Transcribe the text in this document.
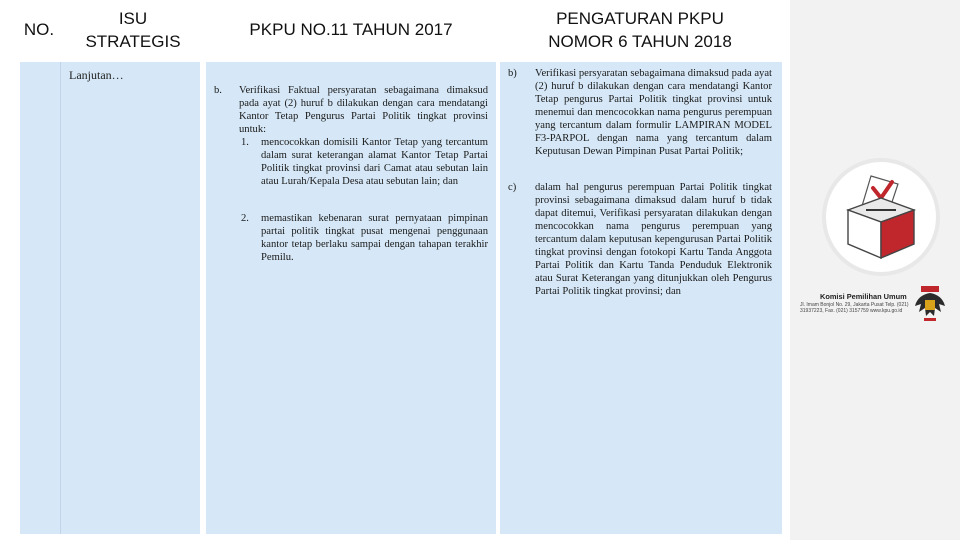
NO.
ISU
STRATEGIS
PKPU NO.11 TAHUN 2017
PENGATURAN PKPU
NOMOR 6 TAHUN 2018
Lanjutan…
b. Verifikasi Faktual persyaratan sebagaimana dimaksud pada ayat (2) huruf b dilakukan dengan cara mendatangi Kantor Tetap Pengurus Partai Politik tingkat provinsi untuk:
1. mencocokkan domisili Kantor Tetap yang tercantum dalam surat keterangan alamat Kantor Tetap Partai Politik tingkat provinsi dari Camat atau sebutan lain atau Lurah/Kepala Desa atau sebutan lain; dan
2. memastikan kebenaran surat pernyataan pimpinan partai politik tingkat pusat mengenai penggunaan kantor tetap berlaku sampai dengan tahapan terakhir Pemilu.
b) Verifikasi persyaratan sebagaimana dimaksud pada ayat (2) huruf b dilakukan dengan cara mendatangi Kantor Tetap pengurus Partai Politik tingkat provinsi untuk menemui dan mencocokkan nama pengurus perempuan yang tercantum dalam formulir LAMPIRAN MODEL F3-PARPOL dengan nama yang tercantum dalam Keputusan Dewan Pimpinan Pusat Partai Politik;
c) dalam hal pengurus perempuan Partai Politik tingkat provinsi sebagaimana dimaksud dalam huruf b tidak dapat ditemui, Verifikasi persyaratan dilakukan dengan mencocokkan nama pengurus perempuan yang tercantum dalam keputusan kepengurusan Partai Politik tingkat provinsi dengan fotokopi Kartu Tanda Anggota Partai Politik dan Kartu Tanda Penduduk Elektronik atau Surat Keterangan yang ditunjukkan oleh Pengurus Partai Politik tingkat provinsi; dan	Komisi Pemilihan Umum
Jl. Imam Bonjol No. 29, Jakarta Pusat Telp. (021) 31937223, Fax. (021) 3157759 www.kpu.go.id
